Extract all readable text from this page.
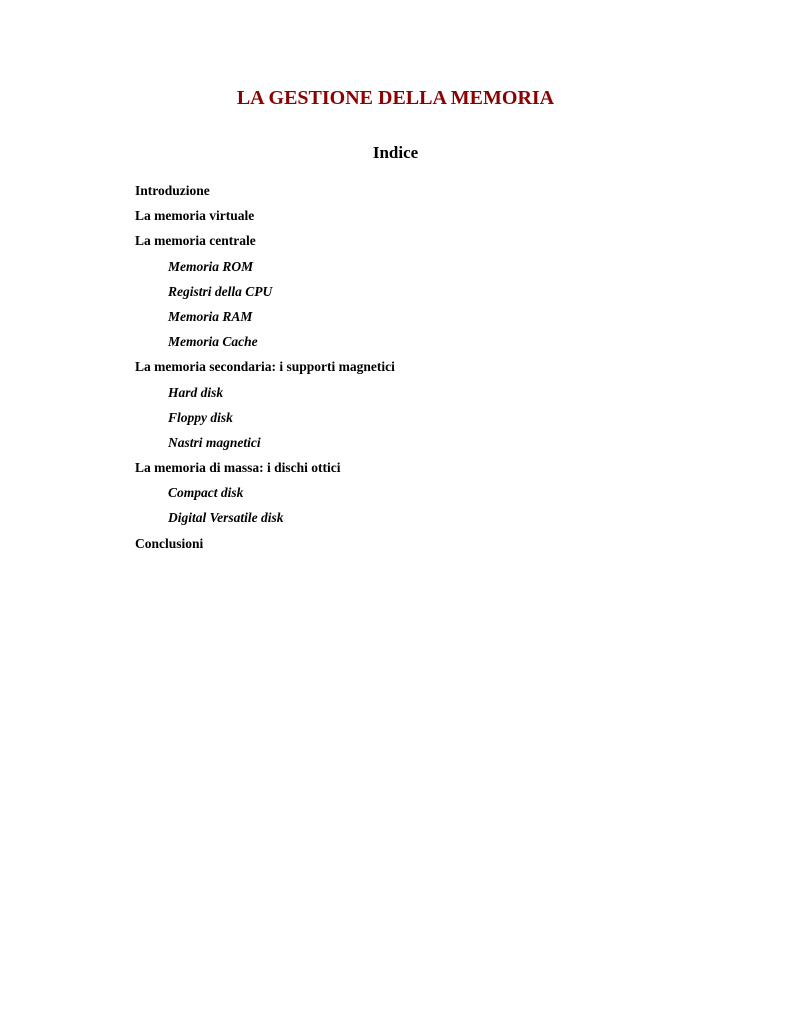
LA GESTIONE DELLA MEMORIA
Indice
Introduzione
La memoria virtuale
La memoria centrale
Memoria ROM
Registri della CPU
Memoria RAM
Memoria Cache
La memoria secondaria: i supporti magnetici
Hard disk
Floppy disk
Nastri magnetici
La memoria di massa: i dischi ottici
Compact disk
Digital Versatile disk
Conclusioni
